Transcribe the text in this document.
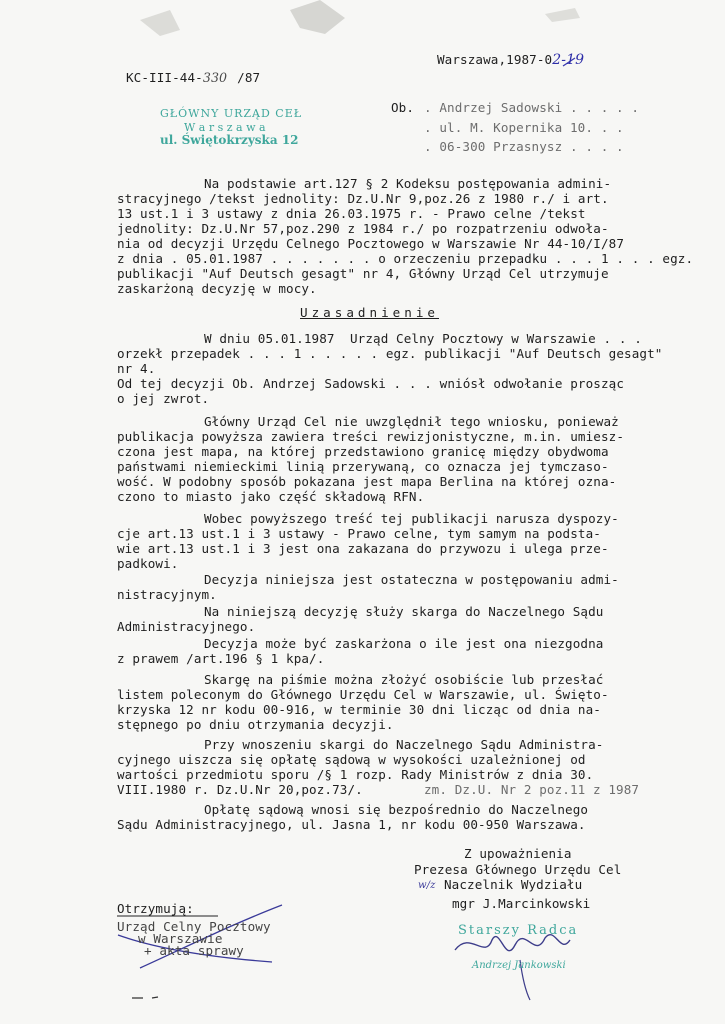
KC-III-44-330 /87
Warszawa,1987-02-19
GŁÓWNY URZĄD CEŁ
W a r s z a w a
ul. Świętokrzyska 12
Ob. . Andrzej Sadowski . . . . .
. ul. M. Kopernika 10. . .
. 06-300 Przasnysz . . . .
Na podstawie art.127 § 2 Kodeksu postępowania admini-
stracyjnego /tekst jednolity: Dz.U.Nr 9,poz.26 z 1980 r./ i art.
13 ust.1 i 3 ustawy z dnia 26.03.1975 r. - Prawo celne /tekst
jednolity: Dz.U.Nr 57,poz.290 z 1984 r./ po rozpatrzeniu odwoła-
nia od decyzji Urzędu Celnego Pocztowego w Warszawie Nr 44-10/I/87
z dnia . 05.01.1987 . . . . . . . o orzeczeniu przepadku . . . 1 . . . egz.
publikacji "Auf Deutsch gesagt" nr 4, Główny Urząd Cel utrzymuje
zaskarżoną decyzję w mocy.
Uzasadnienie
W dniu 05.01.1987  Urząd Celny Pocztowy w Warszawie . . .
orzekł przepadek . . . 1 . . . . . egz. publikacji "Auf Deutsch gesagt"
nr 4.
Od tej decyzji Ob. Andrzej Sadowski . . . wniósł odwołanie prosząc
o jej zwrot.
Główny Urząd Cel nie uwzględnił tego wniosku, ponieważ
publikacja powyższa zawiera treści rewizjonistyczne, m.in. umiesz-
czona jest mapa, na której przedstawiono granicę między obydwoma
państwami niemieckimi linią przerywaną, co oznacza jej tymczaso-
wość. W podobny sposób pokazana jest mapa Berlina na której ozna-
czono to miasto jako część składową RFN.
Wobec powyższego treść tej publikacji narusza dyspozy-
cje art.13 ust.1 i 3 ustawy - Prawo celne, tym samym na podsta-
wie art.13 ust.1 i 3 jest ona zakazana do przywozu i ulega prze-
padkowi.
Decyzja niniejsza jest ostateczna w postępowaniu admi-
nistracyjnym.
Na niniejszą decyzję służy skarga do Naczelnego Sądu
Administracyjnego.
Decyzja może być zaskarżona o ile jest ona niezgodna
z prawem /art.196 § 1 kpa/.
Skargę na piśmie można złożyć osobiście lub przesłać
listem poleconym do Głównego Urzędu Cel w Warszawie, ul. Święto-
krzyska 12 nr kodu 00-916, w terminie 30 dni licząc od dnia na-
stępnego po dniu otrzymania decyzji.
Przy wnoszeniu skargi do Naczelnego Sądu Administra-
cyjnego uiszcza się opłatę sądową w wysokości uzależnionej od
wartości przedmiotu sporu /§ 1 rozp. Rady Ministrów z dnia 30.
VIII.1980 r. Dz.U.Nr 20,poz.73/.	zm. Dz.U. Nr 2 poz.11 z 1987
Opłatę sądową wnosi się bezpośrednio do Naczelnego
Sądu Administracyjnego, ul. Jasna 1, nr kodu 00-950 Warszawa.
Z upoważnienia
Prezesa Głównego Urzędu Cel
w/z Naczelnik Wydziału
mgr J.Marcinkowski
Starszy Radca
Andrzej Jankowski
Otrzymują:
Urząd Celny Pocztowy
w Warszawie
+ akta sprawy
